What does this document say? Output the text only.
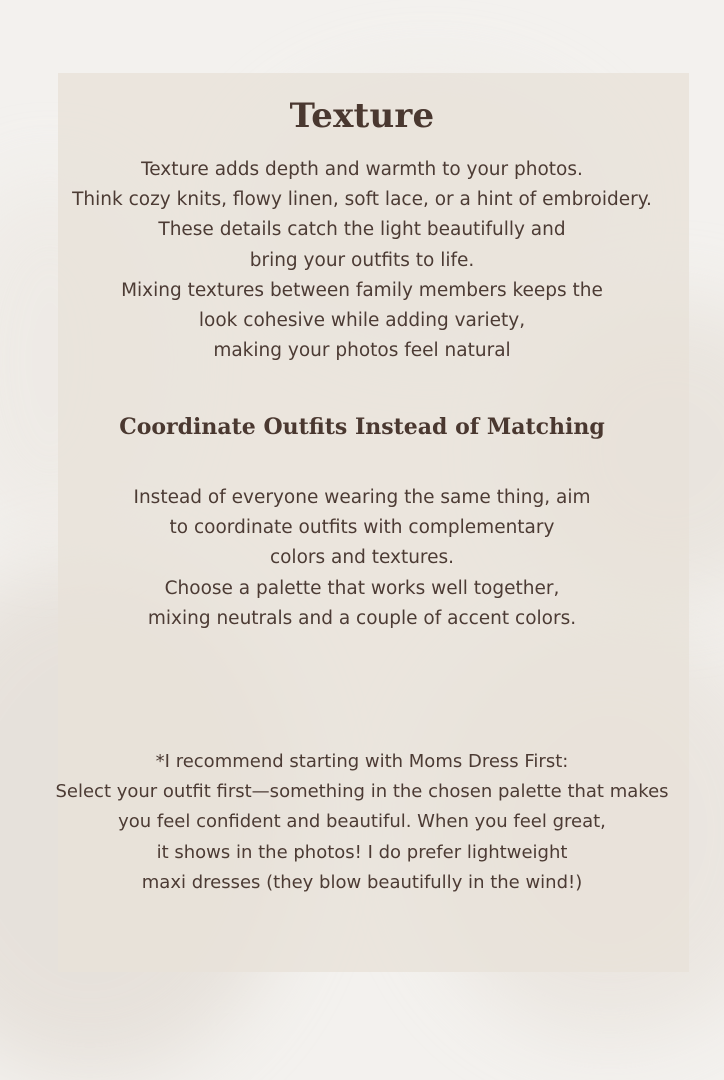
Texture

Texture adds depth and warmth to your photos.
Think cozy knits, flowy linen, soft lace, or a hint of embroidery.
These details catch the light beautifully and
bring your outfits to life.
Mixing textures between family members keeps the
look cohesive while adding variety,
making your photos feel natural

Coordinate Outfits Instead of Matching

Instead of everyone wearing the same thing, aim
to coordinate outfits with complementary
colors and textures.
Choose a palette that works well together,
mixing neutrals and a couple of accent colors.

*I recommend starting with Moms Dress First:
Select your outfit first—something in the chosen palette that makes
you feel confident and beautiful. When you feel great,
it shows in the photos! I do prefer lightweight
maxi dresses (they blow beautifully in the wind!)
